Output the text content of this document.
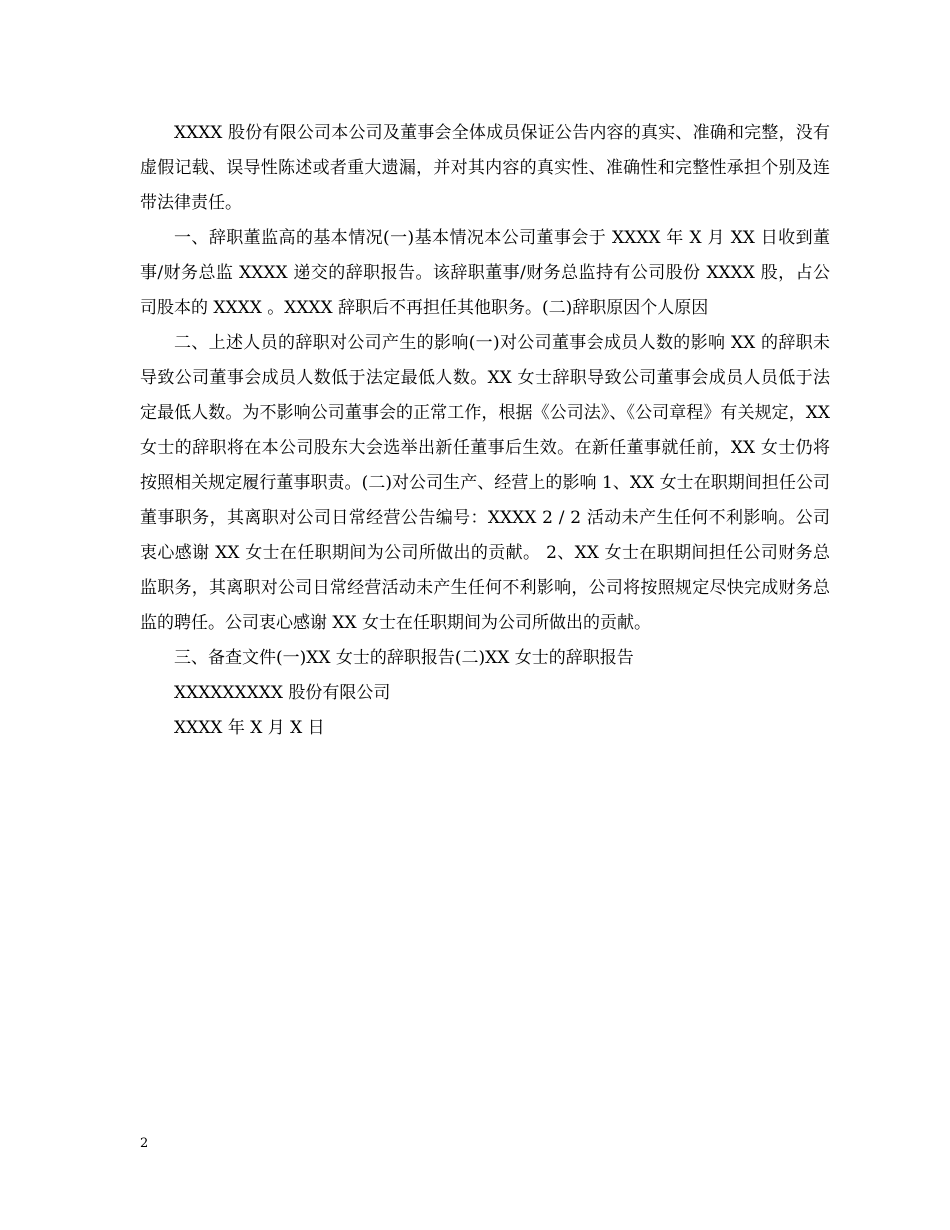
XXXX 股份有限公司本公司及董事会全体成员保证公告内容的真实、准确和完整，没有虚假记载、误导性陈述或者重大遗漏，并对其内容的真实性、准确性和完整性承担个别及连带法律责任。

一、辞职董监高的基本情况(一)基本情况本公司董事会于 XXXX 年 X 月 XX 日收到董事/财务总监 XXXX 递交的辞职报告。该辞职董事/财务总监持有公司股份 XXXX 股，占公司股本的 XXXX 。XXXX 辞职后不再担任其他职务。(二)辞职原因个人原因

二、上述人员的辞职对公司产生的影响(一)对公司董事会成员人数的影响 XX 的辞职未导致公司董事会成员人数低于法定最低人数。XX 女士辞职导致公司董事会成员人员低于法定最低人数。为不影响公司董事会的正常工作，根据《公司法》、《公司章程》有关规定，XX 女士的辞职将在本公司股东大会选举出新任董事后生效。在新任董事就任前，XX 女士仍将按照相关规定履行董事职责。(二)对公司生产、经营上的影响 1、XX 女士在职期间担任公司董事职务，其离职对公司日常经营公告编号：XXXX 2 / 2 活动未产生任何不利影响。公司衷心感谢 XX 女士在任职期间为公司所做出的贡献。 2、XX 女士在职期间担任公司财务总监职务，其离职对公司日常经营活动未产生任何不利影响，公司将按照规定尽快完成财务总监的聘任。公司衷心感谢 XX 女士在任职期间为公司所做出的贡献。

三、备查文件(一)XX 女士的辞职报告(二)XX 女士的辞职报告

XXXXXXXXX 股份有限公司

XXXX 年 X 月 X 日

2
